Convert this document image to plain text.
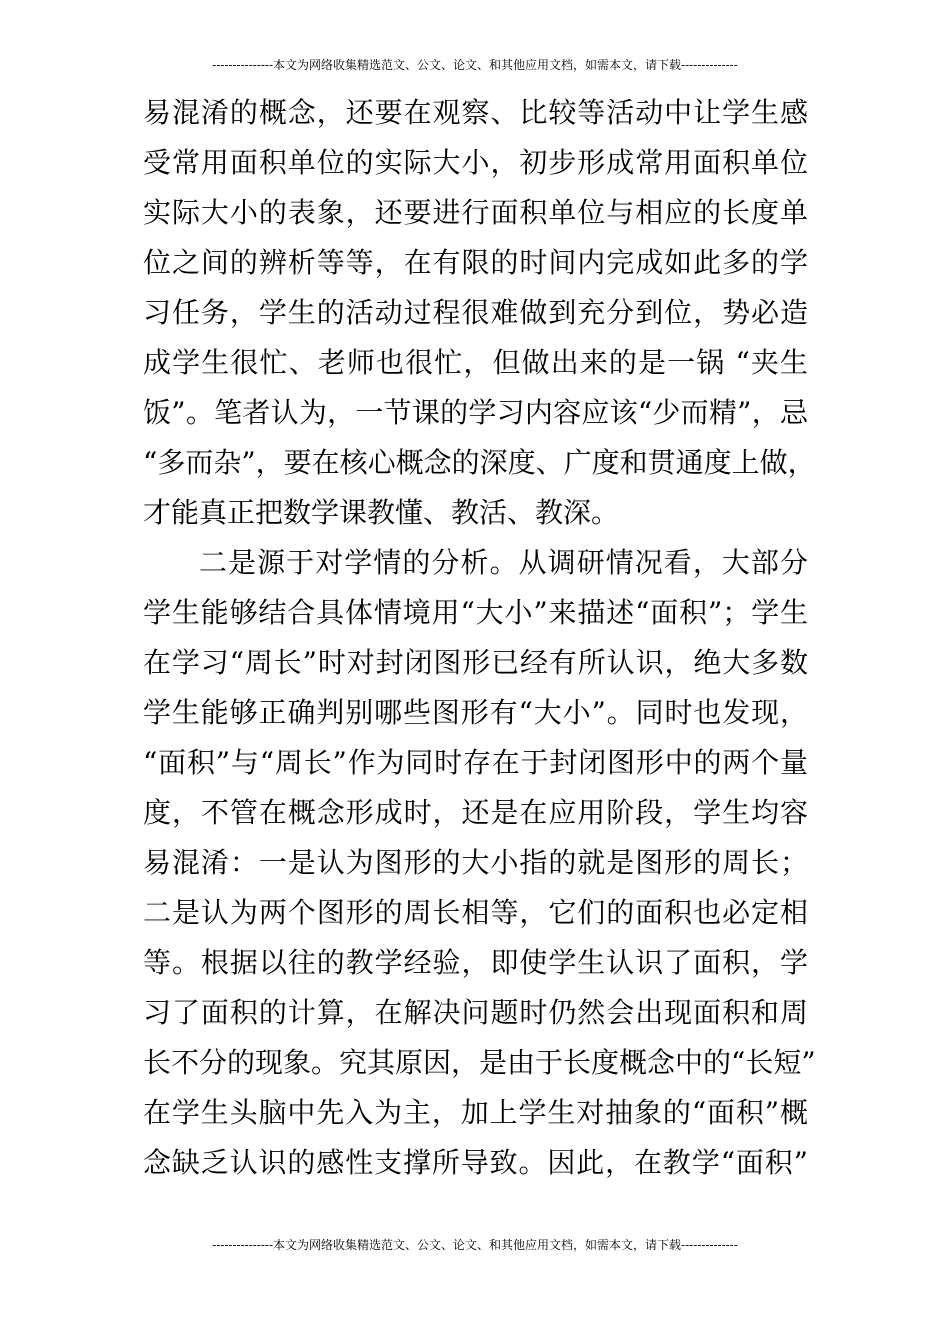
---------------本文为网络收集精选范文、公文、论文、和其他应用文档，如需本文，请下载--------------
易混淆的概念，还要在观察、比较等活动中让学生感
受常用面积单位的实际大小，初步形成常用面积单位
实际大小的表象，还要进行面积单位与相应的长度单
位之间的辨析等等，在有限的时间内完成如此多的学
习任务，学生的活动过程很难做到充分到位，势必造
成学生很忙、老师也很忙，但做出来的是一锅 “夹生
饭”。笔者认为，一节课的学习内容应该“少而精”，忌
“多而杂”，要在核心概念的深度、广度和贯通度上做，
才能真正把数学课教懂、教活、教深。
二是源于对学情的分析。从调研情况看，大部分
学生能够结合具体情境用“大小”来描述“面积”；学生
在学习“周长”时对封闭图形已经有所认识，绝大多数
学生能够正确判别哪些图形有“大小”。同时也发现，
“面积”与“周长”作为同时存在于封闭图形中的两个量
度，不管在概念形成时，还是在应用阶段，学生均容
易混淆：一是认为图形的大小指的就是图形的周长；
二是认为两个图形的周长相等，它们的面积也必定相
等。根据以往的教学经验，即使学生认识了面积，学
习了面积的计算，在解决问题时仍然会出现面积和周
长不分的现象。究其原因，是由于长度概念中的“长短”
在学生头脑中先入为主，加上学生对抽象的“面积”概
念缺乏认识的感性支撑所导致。因此，在教学“面积”
---------------本文为网络收集精选范文、公文、论文、和其他应用文档，如需本文，请下载--------------
